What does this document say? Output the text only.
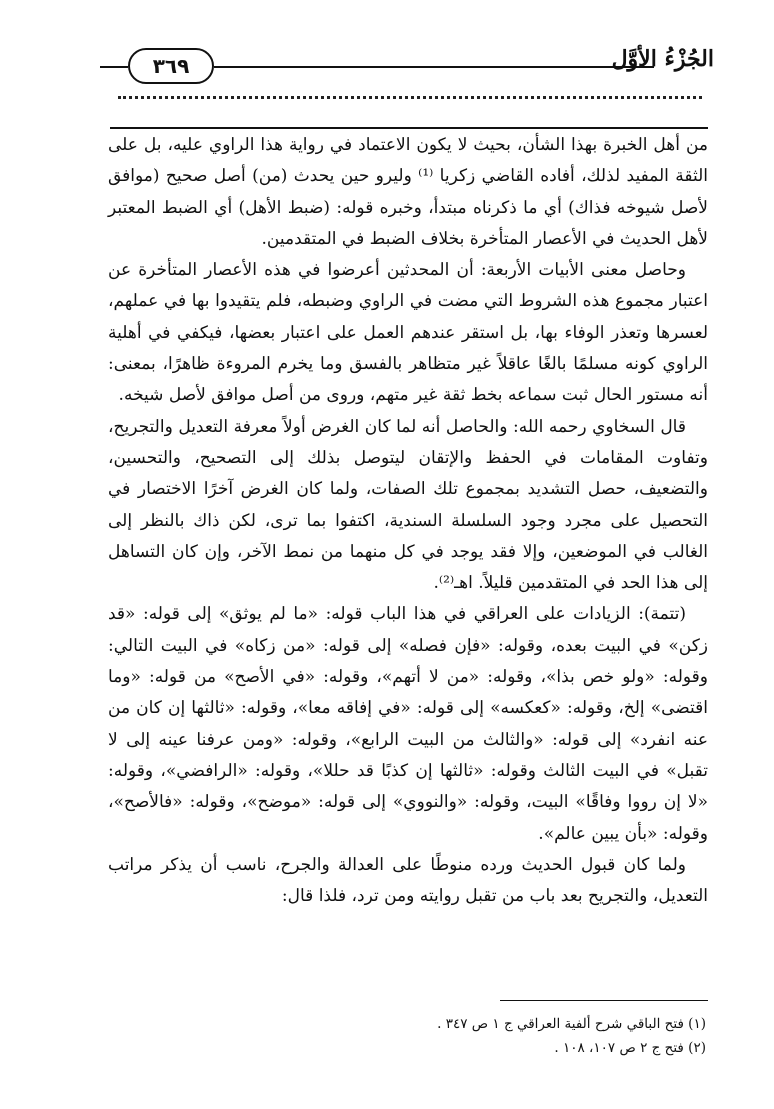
٣٦٩	الجُزْءُ الأوَّل

من أهل الخبرة بهذا الشأن، بحيث لا يكون الاعتماد في رواية هذا الراوي عليه، بل على الثقة المفيد لذلك، أفاده القاضي زكريا ⁽¹⁾ وليرو حين يحدث (من) أصل صحيح (موافق لأصل شيوخه فذاك) أي ما ذكرناه مبتدأ، وخبره قوله: (ضبط الأهل) أي الضبط المعتبر لأهل الحديث في الأعصار المتأخرة بخلاف الضبط في المتقدمين.

وحاصل معنى الأبيات الأربعة: أن المحدثين أعرضوا في هذه الأعصار المتأخرة عن اعتبار مجموع هذه الشروط التي مضت في الراوي وضبطه، فلم يتقيدوا بها في عملهم، لعسرها وتعذر الوفاء بها، بل استقر عندهم العمل على اعتبار بعضها، فيكفي في أهلية الراوي كونه مسلمًا بالغًا عاقلاً غير متظاهر بالفسق وما يخرم المروءة ظاهرًا، بمعنى: أنه مستور الحال ثبت سماعه بخط ثقة غير متهم، وروى من أصل موافق لأصل شيخه.

قال السخاوي رحمه الله: والحاصل أنه لما كان الغرض أولاً معرفة التعديل والتجريح، وتفاوت المقامات في الحفظ والإتقان ليتوصل بذلك إلى التصحيح، والتحسين، والتضعيف، حصل التشديد بمجموع تلك الصفات، ولما كان الغرض آخرًا الاختصار في التحصيل على مجرد وجود السلسلة السندية، اكتفوا بما ترى، لكن ذاك بالنظر إلى الغالب في الموضعين، وإلا فقد يوجد في كل منهما من نمط الآخر، وإن كان التساهل إلى هذا الحد في المتقدمين قليلاً. اهـ⁽²⁾.

(تتمة): الزيادات على العراقي في هذا الباب قوله: «ما لم يوثق» إلى قوله: «قد زكن» في البيت بعده، وقوله: «فإن فصله» إلى قوله: «من زكاه» في البيت التالي: وقوله: «ولو خص بذا»، وقوله: «من لا أتهم»، وقوله: «في الأصح» من قوله: «وما اقتضى» إلخ، وقوله: «كعكسه» إلى قوله: «في إفاقه معا»، وقوله: «ثالثها إن كان من عنه انفرد» إلى قوله: «والثالث من البيت الرابع»، وقوله: «ومن عرفنا عينه إلى لا تقبل» في البيت الثالث وقوله: «ثالثها إن كذبًا قد حللا»، وقوله: «الرافضي»، وقوله: «لا إن رووا وفاقًا» البيت، وقوله: «والنووي» إلى قوله: «موضح»، وقوله: «فالأصح»، وقوله: «بأن يبين عالم».

ولما كان قبول الحديث ورده منوطًا على العدالة والجرح، ناسب أن يذكر مراتب التعديل، والتجريح بعد باب من تقبل روايته ومن ترد، فلذا قال:

(١) فتح الباقي شرح ألفية العراقي ج ١ ص ٣٤٧ .
(٢) فتح ج ٢ ص ١٠٧، ١٠٨ .
